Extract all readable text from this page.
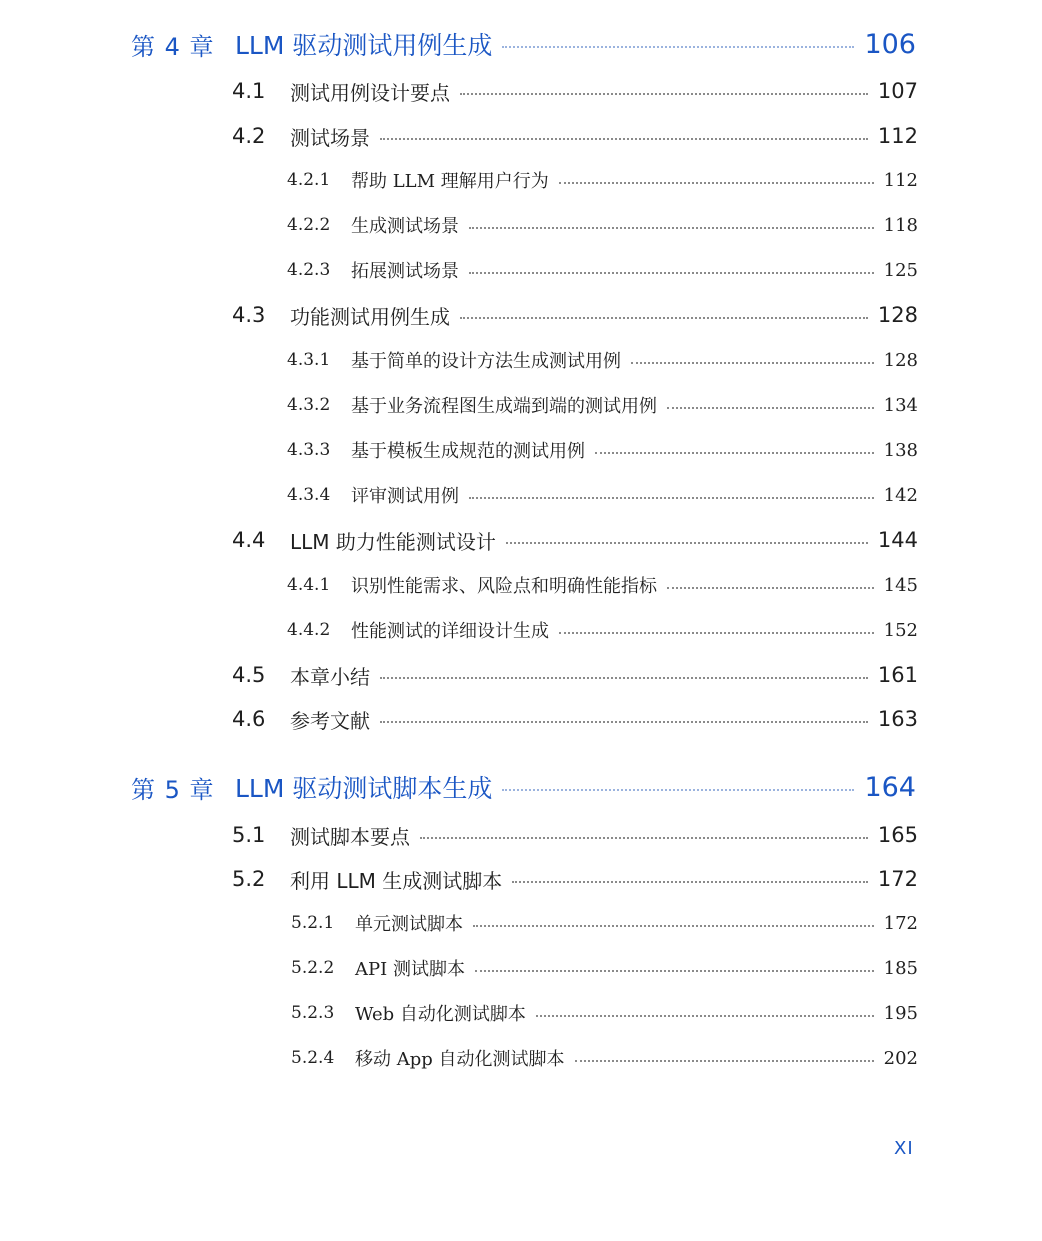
第 4 章 LLM 驱动测试用例生成	106
4.1	测试用例设计要点	107
4.2	测试场景	112
4.2.1	帮助 LLM 理解用户行为	112
4.2.2	生成测试场景	118
4.2.3	拓展测试场景	125
4.3	功能测试用例生成	128
4.3.1	基于简单的设计方法生成测试用例	128
4.3.2	基于业务流程图生成端到端的测试用例	134
4.3.3	基于模板生成规范的测试用例	138
4.3.4	评审测试用例	142
4.4	LLM 助力性能测试设计	144
4.4.1	识别性能需求、风险点和明确性能指标	145
4.4.2	性能测试的详细设计生成	152
4.5	本章小结	161
4.6	参考文献	163
第 5 章 LLM 驱动测试脚本生成	164
5.1	测试脚本要点	165
5.2	利用 LLM 生成测试脚本	172
5.2.1	单元测试脚本	172
5.2.2	API 测试脚本	185
5.2.3	Web 自动化测试脚本	195
5.2.4	移动 App 自动化测试脚本	202
XI
